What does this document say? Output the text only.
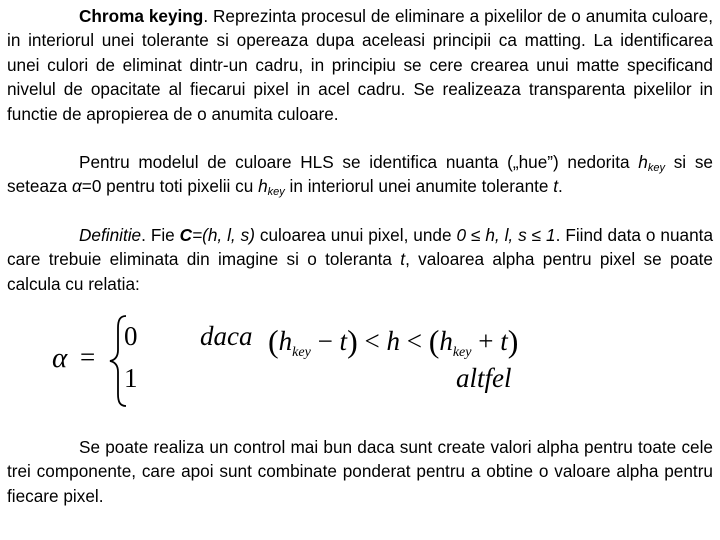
Chroma keying. Reprezinta procesul de eliminare a pixelilor de o anumita culoare, in interiorul unei tolerante si opereaza dupa aceleasi principii ca matting. La identificarea unei culori de eliminat dintr-un cadru, in principiu se cere crearea unui matte specificand nivelul de opacitate al fiecarui pixel in acel cadru. Se realizeaza transparenta pixelilor in functie de apropierea de o anumita culoare.

Pentru modelul de culoare HLS se identifica nuanta („hue”) nedorita $h_{key}$ si se seteaza α=0 pentru toti pixelii cu $h_{key}$ in interiorul unei anumite tolerante t.

Definitie. Fie C=(h, l, s) culoarea unui pixel, unde 0 ≤ h, l, s ≤ 1. Fiind data o nuanta care trebuie eliminata din imagine si o toleranta t, valoarea alpha pentru pixel se poate calcula cu relatia:

α =
0
1
daca $(h_{key} - t) < h < (h_{key} + t)$
altfel

Se poate realiza un control mai bun daca sunt create valori alpha pentru toate cele trei componente, care apoi sunt combinate ponderat pentru a obtine o valoare alpha pentru fiecare pixel.
